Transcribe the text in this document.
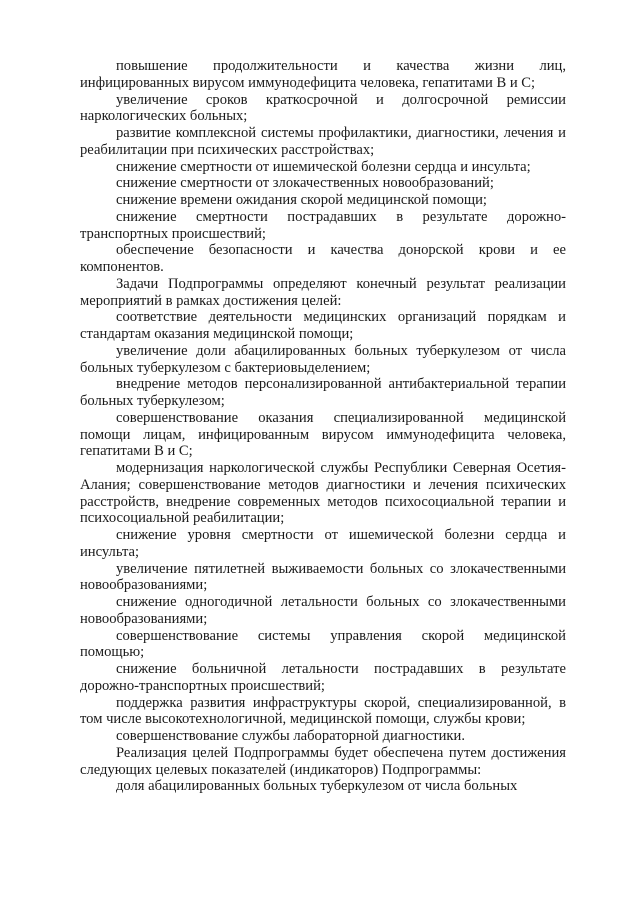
повышение продолжительности и качества жизни лиц, инфицированных вирусом иммунодефицита человека, гепатитами В и С;

увеличение сроков краткосрочной и долгосрочной ремиссии наркологических больных;

развитие комплексной системы профилактики, диагностики, лечения и реабилитации при психических расстройствах;

снижение смертности от ишемической болезни сердца и инсульта;

снижение смертности от злокачественных новообразований;

снижение времени ожидания скорой медицинской помощи;

снижение смертности пострадавших в результате дорожно-транспортных происшествий;

обеспечение безопасности и качества донорской крови и ее компонентов.

Задачи Подпрограммы определяют конечный результат реализации мероприятий в рамках достижения целей:

соответствие деятельности медицинских организаций порядкам и стандартам оказания медицинской помощи;

увеличение доли абацилированных больных туберкулезом от числа больных туберкулезом с бактериовыделением;

внедрение методов персонализированной антибактериальной терапии больных туберкулезом;

совершенствование оказания специализированной медицинской помощи лицам, инфицированным вирусом иммунодефицита человека, гепатитами В и С;

модернизация наркологической службы Республики Северная Осетия-Алания; совершенствование методов диагностики и лечения психических расстройств, внедрение современных методов психосоциальной терапии и психосоциальной реабилитации;

снижение уровня смертности от ишемической болезни сердца и инсульта;

увеличение пятилетней выживаемости больных со злокачественными новообразованиями;

снижение одногодичной летальности больных со злокачественными новообразованиями;

совершенствование системы управления скорой медицинской помощью;

снижение больничной летальности пострадавших в результате дорожно-транспортных происшествий;

поддержка развития инфраструктуры скорой, специализированной, в том числе высокотехнологичной, медицинской помощи, службы крови;

совершенствование службы лабораторной диагностики.

Реализация целей Подпрограммы будет обеспечена путем достижения следующих целевых показателей (индикаторов) Подпрограммы:

доля абацилированных больных туберкулезом от числа больных
